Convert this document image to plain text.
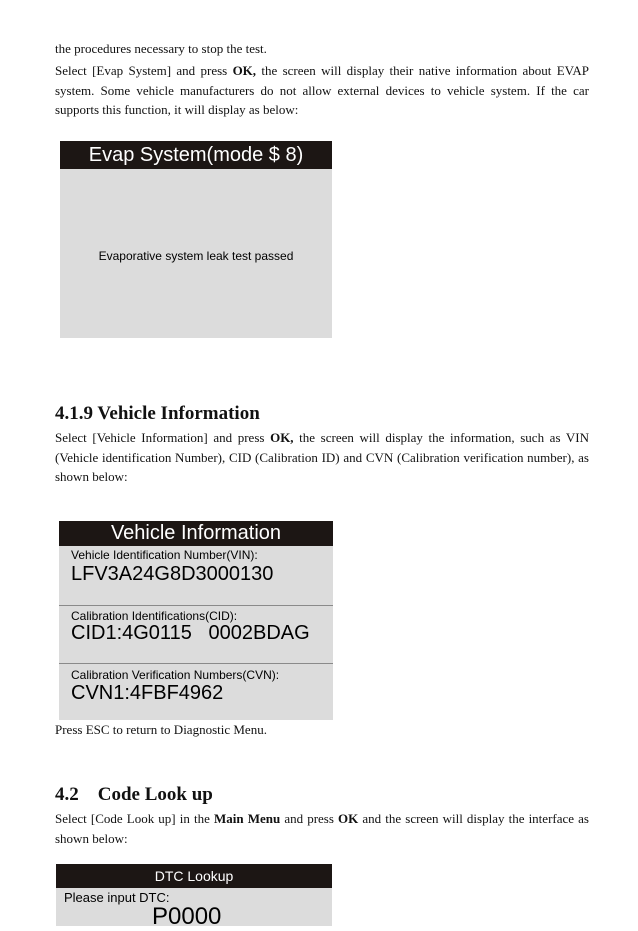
the procedures necessary to stop the test.

Select [Evap System] and press OK, the screen will display their native information about EVAP system. Some vehicle manufacturers do not allow external devices to vehicle system. If the car supports this function, it will display as below:

Evap System(mode $ 8)
Evaporative system leak test passed
4.1.9 Vehicle Information

Select [Vehicle Information] and press OK, the screen will display the information, such as VIN (Vehicle identification Number), CID (Calibration ID) and CVN (Calibration verification number), as shown below:

Vehicle Information
Vehicle Identification Number(VIN):
LFV3A24G8D3000130
Calibration Identifications(CID):
CID1:4G0115   0002BDAG
Calibration Verification Numbers(CVN):
CVN1:4FBF4962

Press ESC to return to Diagnostic Menu.

4.2    Code Look up

Select [Code Look up] in the Main Menu and press OK and the screen will display the interface as shown below:

DTC Lookup
Please input DTC:
P0000
